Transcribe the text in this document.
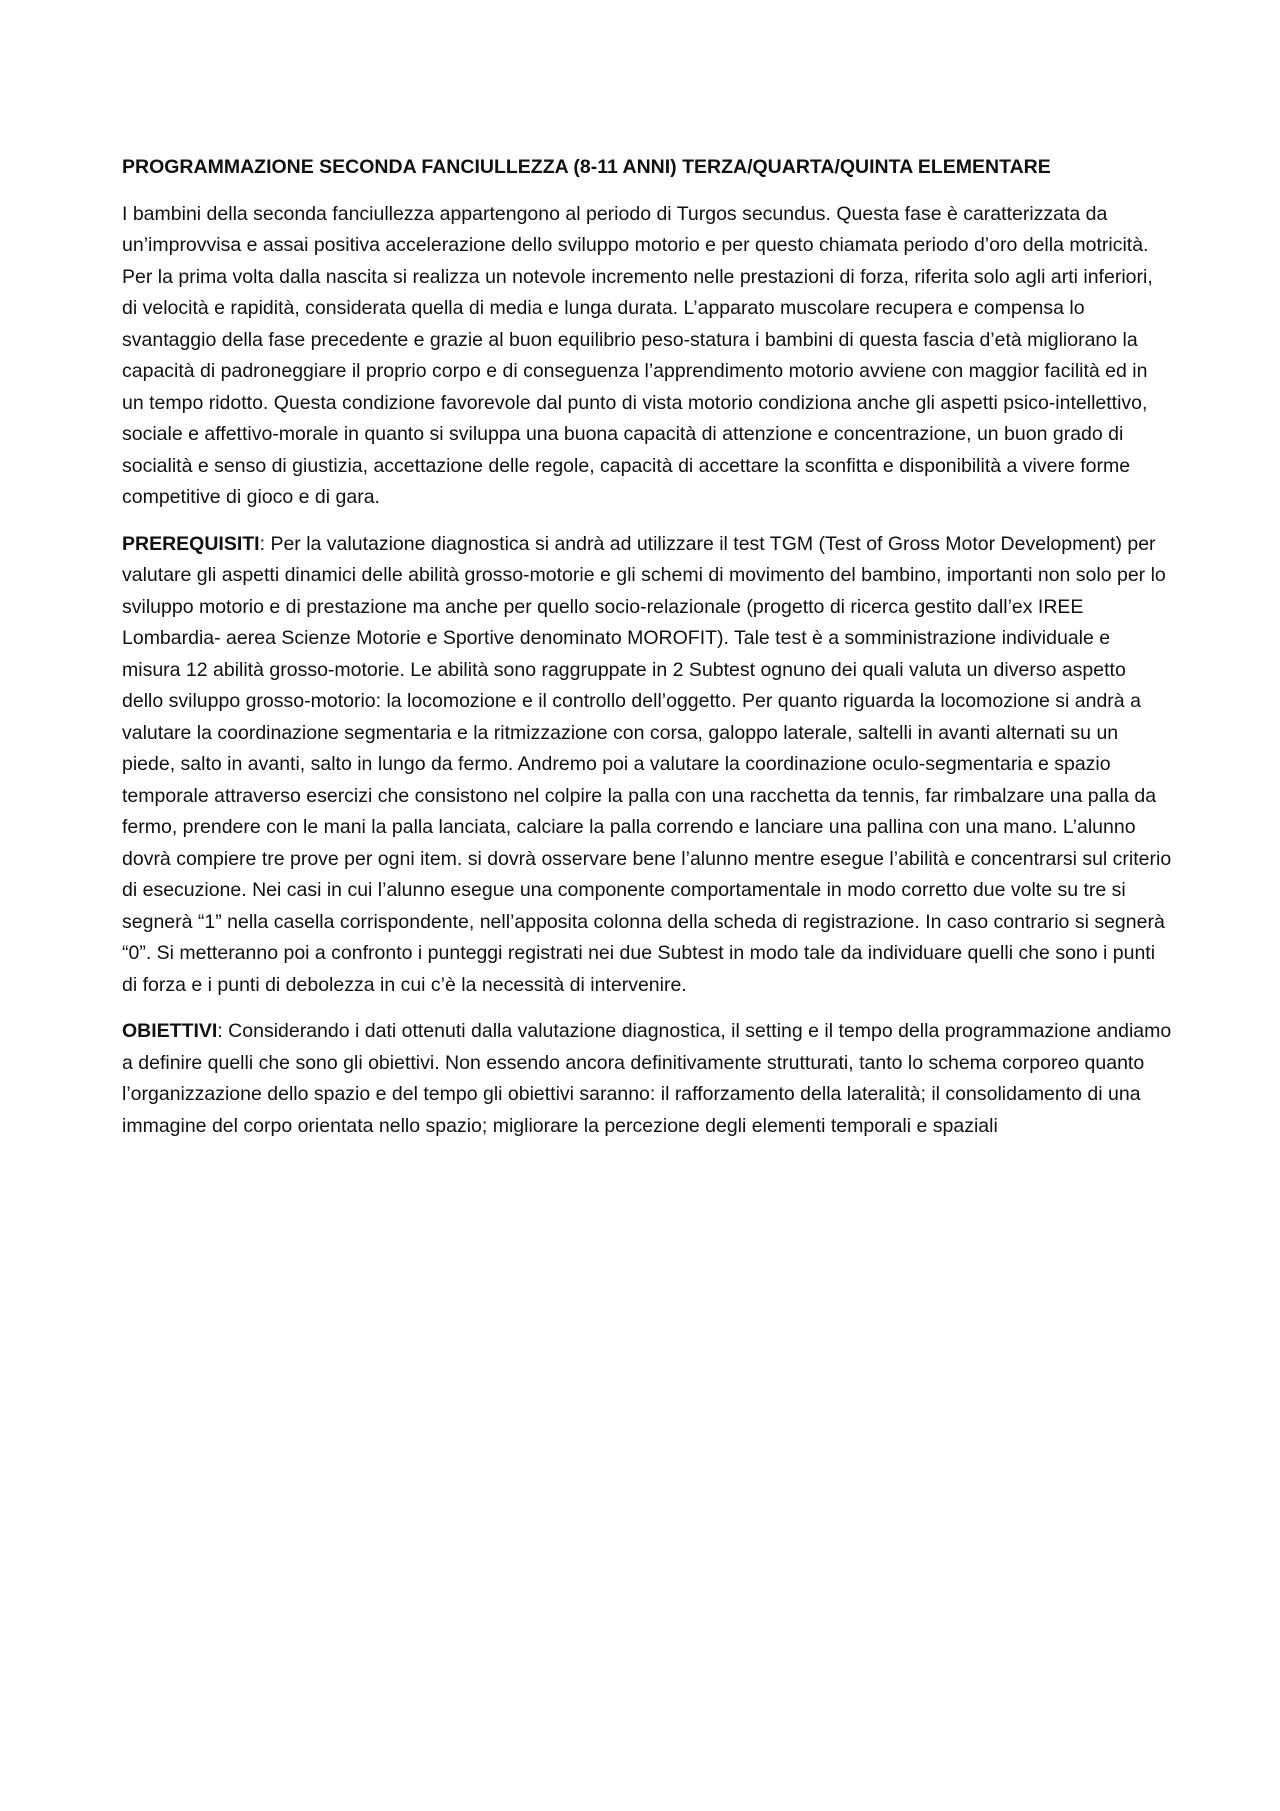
PROGRAMMAZIONE SECONDA FANCIULLEZZA (8-11 ANNI) TERZA/QUARTA/QUINTA ELEMENTARE

I bambini della seconda fanciullezza appartengono al periodo di Turgos secundus. Questa fase è caratterizzata da un’improvvisa e assai positiva accelerazione dello sviluppo motorio e per questo chiamata periodo d’oro della motricità. Per la prima volta dalla nascita si realizza un notevole incremento nelle prestazioni di forza, riferita solo agli arti inferiori, di velocità e rapidità, considerata quella di media e lunga durata. L’apparato muscolare recupera e compensa lo svantaggio della fase precedente e grazie al buon equilibrio peso-statura i bambini di questa fascia d’età migliorano la capacità di padroneggiare il proprio corpo e di conseguenza l’apprendimento motorio avviene con maggior facilità ed in un tempo ridotto. Questa condizione favorevole dal punto di vista motorio condiziona anche gli aspetti psico-intellettivo, sociale e affettivo-morale in quanto si sviluppa una buona capacità di attenzione e concentrazione, un buon grado di socialità e senso di giustizia, accettazione delle regole, capacità di accettare la sconfitta e disponibilità a vivere forme competitive di gioco e di gara.

PREREQUISITI: Per la valutazione diagnostica si andrà ad utilizzare il test TGM (Test of Gross Motor Development) per valutare gli aspetti dinamici delle abilità grosso-motorie e gli schemi di movimento del bambino, importanti non solo per lo sviluppo motorio e di prestazione ma anche per quello socio-relazionale (progetto di ricerca gestito dall’ex IREE Lombardia- aerea Scienze Motorie e Sportive denominato MOROFIT). Tale test è a somministrazione individuale e misura 12 abilità grosso-motorie. Le abilità sono raggruppate in 2 Subtest ognuno dei quali valuta un diverso aspetto dello sviluppo grosso-motorio: la locomozione e il controllo dell’oggetto. Per quanto riguarda la locomozione si andrà a valutare la coordinazione segmentaria e la ritmizzazione con corsa, galoppo laterale, saltelli in avanti alternati su un piede, salto in avanti, salto in lungo da fermo. Andremo poi a valutare la coordinazione oculo-segmentaria e spazio temporale attraverso esercizi che consistono nel colpire la palla con una racchetta da tennis, far rimbalzare una palla da fermo, prendere con le mani la palla lanciata, calciare la palla correndo e lanciare una pallina con una mano. L’alunno dovrà compiere tre prove per ogni item. si dovrà osservare bene l’alunno mentre esegue l’abilità e concentrarsi sul criterio di esecuzione. Nei casi in cui l’alunno esegue una componente comportamentale in modo corretto due volte su tre si segnerà “1” nella casella corrispondente, nell’apposita colonna della scheda di registrazione. In caso contrario si segnerà “0”. Si metteranno poi a confronto i punteggi registrati nei due Subtest in modo tale da individuare quelli che sono i punti di forza e i punti di debolezza in cui c’è la necessità di intervenire.

OBIETTIVI: Considerando i dati ottenuti dalla valutazione diagnostica, il setting e il tempo della programmazione andiamo a definire quelli che sono gli obiettivi. Non essendo ancora definitivamente strutturati, tanto lo schema corporeo quanto l’organizzazione dello spazio e del tempo gli obiettivi saranno: il rafforzamento della lateralità; il consolidamento di una immagine del corpo orientata nello spazio; migliorare la percezione degli elementi temporali e spaziali
